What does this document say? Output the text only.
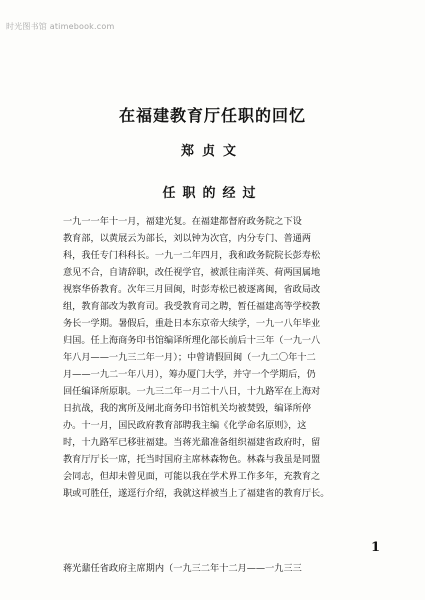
时光图书馆 atimebook.com
在福建教育厅任职的回忆
郑贞文
任职的经过
一九一一年十一月，福建光复。在福建都督府政务院之下设
教育部，以黄展云为部长，刘以钟为次官，内分专门、普通两
科，我任专门科科长。一九一二年四月，我和政务院院长彭寿松
意见不合，自请辞职，改任视学官，被派往南洋英、荷两国属地
视察华侨教育。次年三月回闽，时彭寿松已被逐离闽，省政局改
组，教育部改为教育司。我受教育司之聘，暂任福建高等学校教
务长一学期。暑假后，重赴日本东京帝大续学，一九一八年毕业
归国。任上海商务印书馆编译所理化部长前后十三年（一九一八
年八月——一九三二年一月）；中曾请假回闽（一九二〇年十二
月——一九二一年八月），筹办厦门大学，并守一个学期后，仍
回任编译所原职。一九三二年一月二十八日，十九路军在上海对
日抗战，我的寓所及闸北商务印书馆机关均被焚毁，编译所停
办。十一月，国民政府教育部聘我主编《化学命名原则》，这
时，十九路军已移驻福建。当蒋光鼐准备组织福建省政府时，留
教育厅厅长一席，托当时国府主席林森物色。林森与我虽是同盟
会同志，但却未曾见面，可能以我在学术界工作多年，充教育之
职或可胜任，遂逕行介绍，我就这样被当上了福建省的教育厅长。
蒋光鼐任省政府主席期内（一九三二年十二月——一九三三
1
